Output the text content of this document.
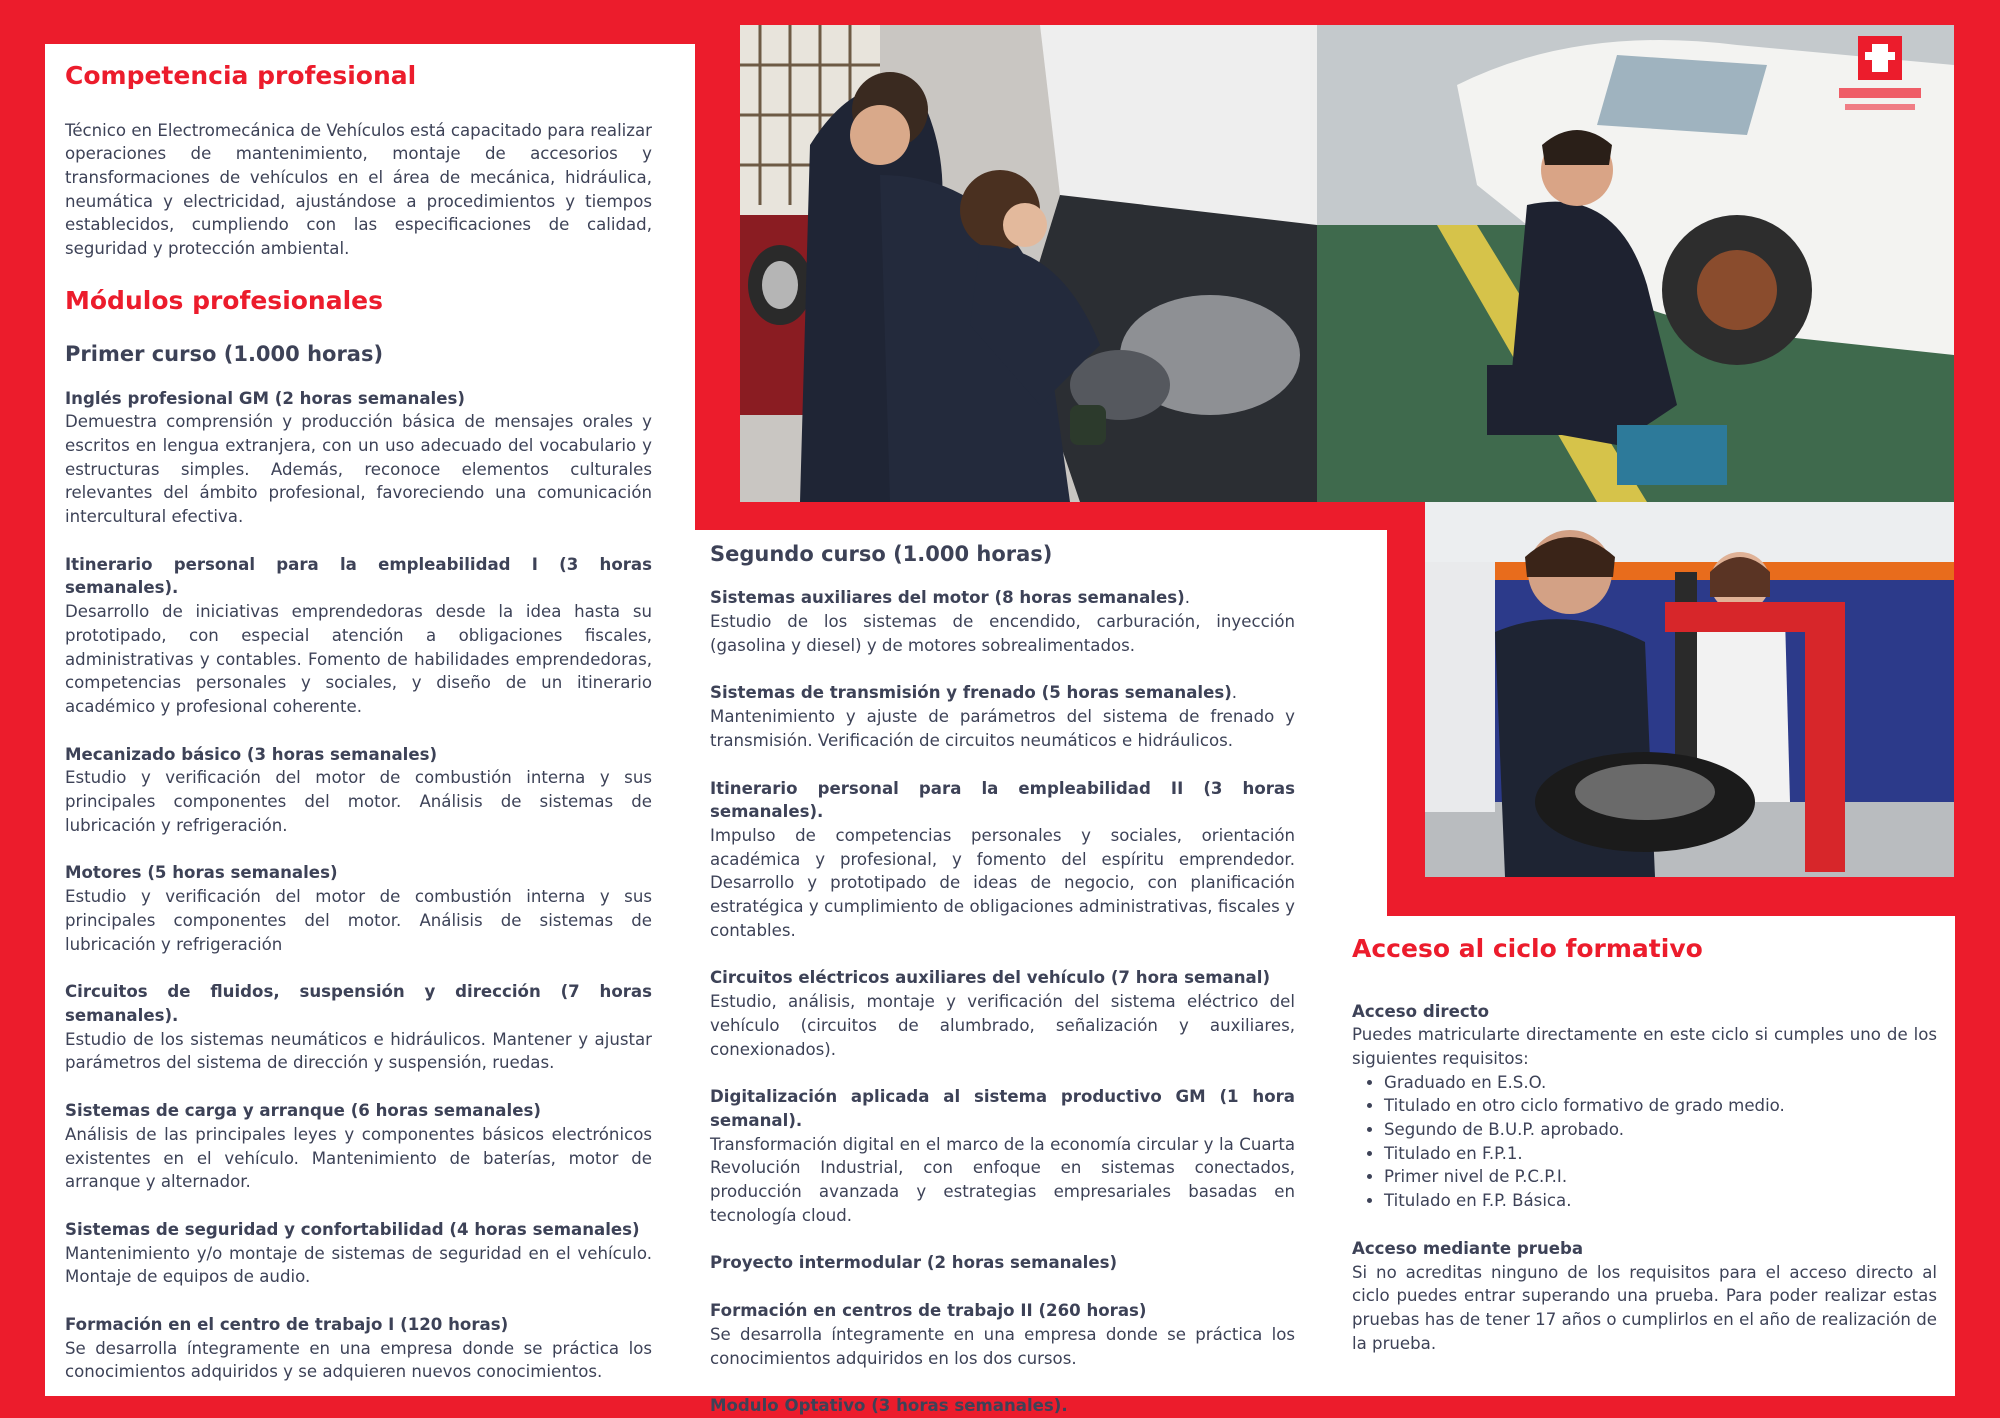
Competencia profesional

Técnico en Electromecánica de Vehículos está capacitado para realizar operaciones de mantenimiento, montaje de accesorios y transformaciones de vehículos en el área de mecánica, hidráulica, neumática y electricidad, ajustándose a procedimientos y tiempos establecidos, cumpliendo con las especificaciones de calidad, seguridad y protección ambiental.

Módulos profesionales
Primer curso (1.000 horas)

Inglés profesional GM (2 horas semanales)

Demuestra comprensión y producción básica de mensajes orales y escritos en lengua extranjera, con un uso adecuado del vocabulario y estructuras simples. Además, reconoce elementos culturales relevantes del ámbito profesional, favoreciendo una comunicación intercultural efectiva.

Itinerario personal para la empleabilidad I (3 horas semanales).

Desarrollo de iniciativas emprendedoras desde la idea hasta su prototipado, con especial atención a obligaciones fiscales, administrativas y contables. Fomento de habilidades emprendedoras, competencias personales y sociales, y diseño de un itinerario académico y profesional coherente.

Mecanizado básico (3 horas semanales)

Estudio y verificación del motor de combustión interna y sus principales componentes del motor. Análisis de sistemas de lubricación y refrigeración.

Motores (5 horas semanales)

Estudio y verificación del motor de combustión interna y sus principales componentes del motor. Análisis de sistemas de lubricación y refrigeración

Circuitos de fluidos, suspensión y dirección (7 horas semanales).

Estudio de los sistemas neumáticos e hidráulicos. Mantener y ajustar parámetros del sistema de dirección y suspensión, ruedas.

Sistemas de carga y arranque (6 horas semanales)

Análisis de las principales leyes y componentes básicos electrónicos existentes en el vehículo. Mantenimiento de baterías, motor de arranque y alternador.

Sistemas de seguridad y confortabilidad (4 horas semanales)

Mantenimiento y/o montaje de sistemas de seguridad en el vehículo. Montaje de equipos de audio.

Formación en el centro de trabajo I (120 horas)

Se desarrolla íntegramente en una empresa donde se práctica los conocimientos adquiridos y se adquieren nuevos conocimientos.

Segundo curso (1.000 horas)

Sistemas auxiliares del motor (8 horas semanales).

Estudio de los sistemas de encendido, carburación, inyección (gasolina y diesel) y de motores sobrealimentados.

Sistemas de transmisión y frenado (5 horas semanales).

Mantenimiento y ajuste de parámetros del sistema de frenado y transmisión. Verificación de circuitos neumáticos e hidráulicos.

Itinerario personal para la empleabilidad II (3 horas semanales).

Impulso de competencias personales y sociales, orientación académica y profesional, y fomento del espíritu emprendedor. Desarrollo y prototipado de ideas de negocio, con planificación estratégica y cumplimiento de obligaciones administrativas, fiscales y contables.

Circuitos eléctricos auxiliares del vehículo (7 hora semanal)

Estudio, análisis, montaje y verificación del sistema eléctrico del vehículo (circuitos de alumbrado, señalización y auxiliares, conexionados).

Digitalización aplicada al sistema productivo GM (1 hora semanal).

Transformación digital en el marco de la economía circular y la Cuarta Revolución Industrial, con enfoque en sistemas conectados, producción avanzada y estrategias empresariales basadas en tecnología cloud.

Proyecto intermodular (2 horas semanales)

Formación en centros de trabajo II (260 horas)

Se desarrolla íntegramente en una empresa donde se práctica los conocimientos adquiridos en los dos cursos.

Modulo Optativo (3 horas semanales).

Acceso al ciclo formativo

Acceso directo

Puedes matricularte directamente en este ciclo si cumples uno de los siguientes requisitos:

• Graduado en E.S.O.
• Titulado en otro ciclo formativo de grado medio.
• Segundo de B.U.P. aprobado.
• Titulado en F.P.1.
• Primer nivel de P.C.P.I.
• Titulado en F.P. Básica.

Acceso mediante prueba

Si no acreditas ninguno de los requisitos para el acceso directo al ciclo puedes entrar superando una prueba. Para poder realizar estas pruebas has de tener 17 años o cumplirlos en el año de realización de la prueba.
